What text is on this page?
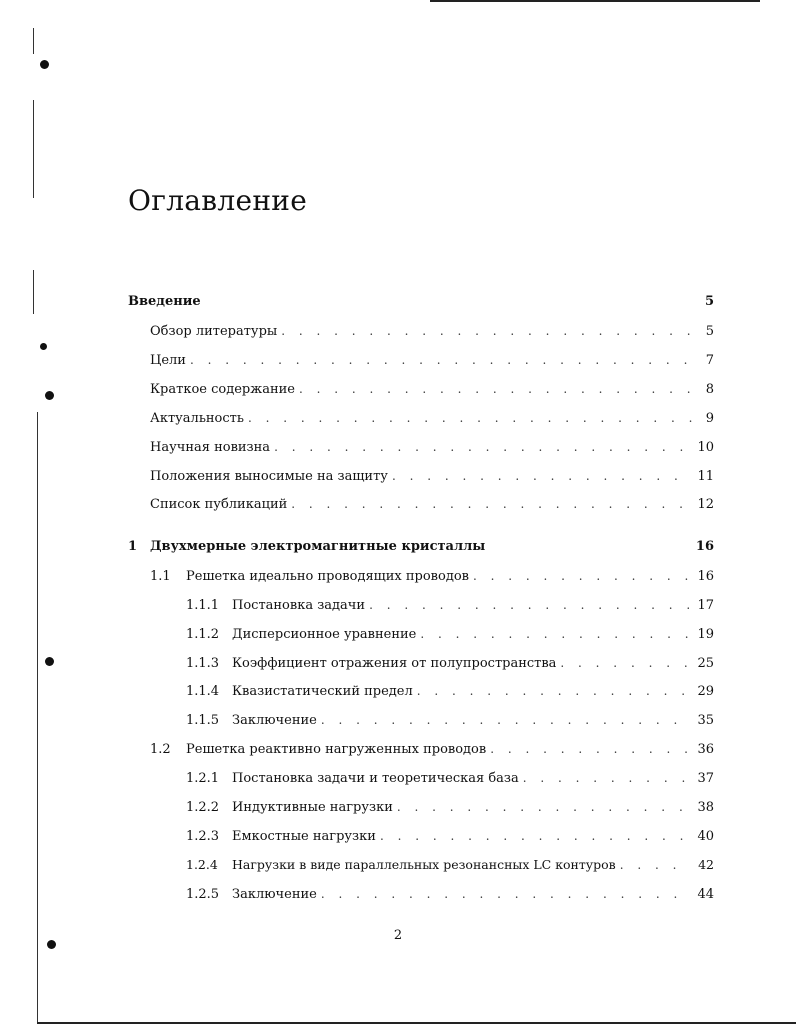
Оглавление
Введение	5
Обзор литературы . . .	5
Цели . . .	7
Краткое содержание . . .	8
Актуальность . . .	9
Научная новизна . . .	10
Положения выносимые на защиту . . .	11
Список публикаций . . .	12
1 Двухмерные электромагнитные кристаллы	16
1.1	Решетка идеально проводящих проводов . . .	16
1.1.1 Постановка задачи . . .	17
1.1.2 Дисперсионное уравнение . . .	19
1.1.3 Коэффициент отражения от полупространства . . .	25
1.1.4 Квазистатический предел . . .	29
1.1.5 Заключение . . .	35
1.2	Решетка реактивно нагруженных проводов . . .	36
1.2.1 Постановка задачи и теоретическая база . . .	37
1.2.2 Индуктивные нагрузки . . .	38
1.2.3 Емкостные нагрузки . . .	40
1.2.4	Нагрузки в виде параллельных резонансных LC контуров . . .	42
1.2.5 Заключение . . .	44
2
